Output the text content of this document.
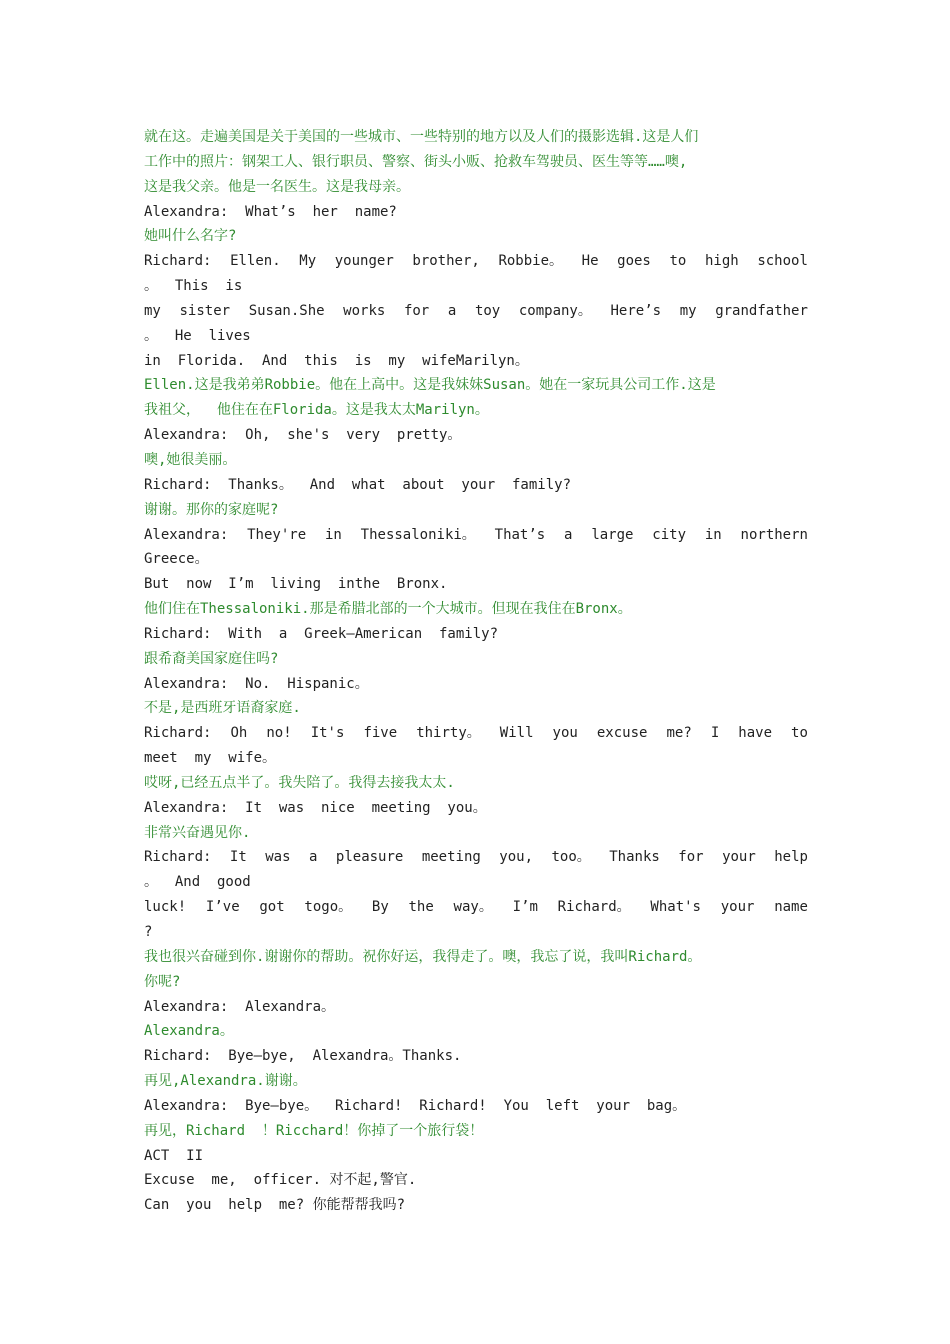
就在这。走遍美国是关于美国的一些城市、一些特别的地方以及人们的摄影选辑.这是人们
工作中的照片：钢架工人、银行职员、警察、街头小贩、抢救车驾驶员、医生等等……噢,
这是我父亲。他是一名医生。这是我母亲。
Alexandra:  What’s  her  name?
她叫什么名字?
Richard: Ellen. My younger brother, Robbie。 He goes to high school
。  This  is
my sister Susan.She works for a toy company。 Here’s my grandfather
。  He  lives
in  Florida.  And  this  is  my  wifeMarilyn。
Ellen.这是我弟弟Robbie。他在上高中。这是我妹妹Susan。她在一家玩具公司工作.这是
我祖父，  他住在在Florida。这是我太太Marilyn。
Alexandra:  Oh,  she's  very  pretty。
噢,她很美丽。
Richard:  Thanks。  And  what  about  your  family?
谢谢。那你的家庭呢?
Alexandra: They're in Thessaloniki。 That’s a large city in northern
Greece。
But  now  I’m  living  inthe  Bronx.
他们住在Thessaloniki.那是希腊北部的一个大城市。但现在我住在Bronx。
Richard:  With  a  Greek—American  family?
跟希裔美国家庭住吗?
Alexandra:  No.  Hispanic。
不是,是西班牙语裔家庭.
Richard: Oh no! It's five thirty。 Will you excuse me? I have to
meet  my  wife。
哎呀,已经五点半了。我失陪了。我得去接我太太.
Alexandra:  It  was  nice  meeting  you。
非常兴奋遇见你.
Richard: It was a pleasure meeting you, too。 Thanks for your help
。  And  good
luck! I’ve got togo。 By the way。 I’m Richard。 What's your name
?
我也很兴奋碰到你.谢谢你的帮助。祝你好运，我得走了。噢，我忘了说，我叫Richard。
你呢?
Alexandra:  Alexandra。
Alexandra。
Richard:  Bye—bye,  Alexandra。Thanks.
再见,Alexandra.谢谢。
Alexandra:  Bye—bye。  Richard!  Richard!  You  left  your  bag。
再见，Richard  ！Ricchard！你掉了一个旅行袋！
ACT  II
Excuse  me,  officer. 对不起,警官.
Can  you  help  me? 你能帮帮我吗?
